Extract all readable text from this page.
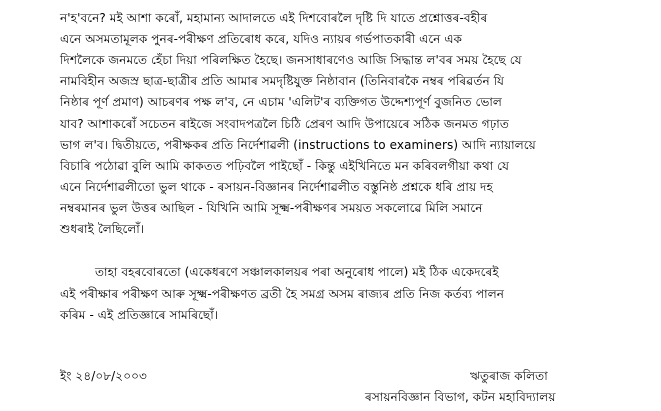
ন'হ'বনে? মই আশা কৰোঁ, মহামান্য আদালতে এই দিশবোৰলৈ দৃষ্টি দি যাতে প্ৰশ্নোত্তৰ-বহীৰ
এনে অসমতামূলক পুনৰ-পৰীক্ষণ প্ৰতিৰোধ কৰে, যদিও ন্যায়ৰ গৰ্ভপাতকাৰী এনে এক
দিশলৈকে জনমতে হেঁচা দিয়া পৰিলক্ষিত হৈছে। জনসাধাৰণেও আজি সিদ্ধান্ত ল'বৰ সময় হৈছে যে
নামবিহীন অজস্ৰ ছাত্ৰ-ছাত্ৰীৰ প্ৰতি আমাৰ সমদৃষ্টিযুক্ত নিষ্ঠাবান (তিনিবাৰকৈ নম্বৰ পৰিৱৰ্তন যি
নিষ্ঠাৰ পূৰ্ণ প্ৰমাণ) আচৰণৰ পক্ষ ল'ব, নে এচাম 'এলিট'ৰ ব্যক্তিগত উদ্দেশ্যপূৰ্ণ বুজনিত ভোল
যাব? আশাকৰোঁ সচেতন ৰাইজে সংবাদপত্ৰলৈ চিঠি প্ৰেৰণ আদি উপায়েৰে সঠিক জনমত গঢ়াত
ভাগ ল'ব। দ্বিতীয়তে, পৰীক্ষকৰ প্ৰতি নিৰ্দেশাৱলী (instructions to examiners) আদি ন্যায়ালয়ে
বিচাৰি পঠোৱা বুলি আমি কাকতত পঢ়িবলৈ পাইছোঁ - কিন্তু এইখিনিতে মন কৰিবলগীয়া কথা যে
এনে নিৰ্দেশাৱলীতো ভুল থাকে - ৰসায়ন-বিজ্ঞানৰ নিৰ্দেশাৱলীত বস্তুনিষ্ঠ প্ৰশ্নকে ধৰি প্ৰায় দহ
নম্বৰমানৰ ভুল উত্তৰ আছিল - যিখিনি আমি সূক্ষ্ম-পৰীক্ষণৰ সময়ত সকলোৱে মিলি সমানে
শুধৰাই লৈছিলোঁ।
তাহা বহৰবোৰতো (একেধৰণে সঞ্চালকালয়ৰ পৰা অনুৰোধ পালে) মই ঠিক একেদৰেই
এই পৰীক্ষাৰ পৰীক্ষণ আৰু সূক্ষ্ম-পৰীক্ষণত ব্ৰতী হৈ সমগ্ৰ অসম ৰাজ্যৰ প্ৰতি নিজ কৰ্তব্য পালন
কৰিম - এই প্ৰতিজ্ঞাৰে সামৰিছোঁ।
ইং ২৪/০৮/২০০৩	ঋতুৰাজ কলিতা
ৰসায়নবিজ্ঞান বিভাগ, কটন মহাবিদ্যালয়
